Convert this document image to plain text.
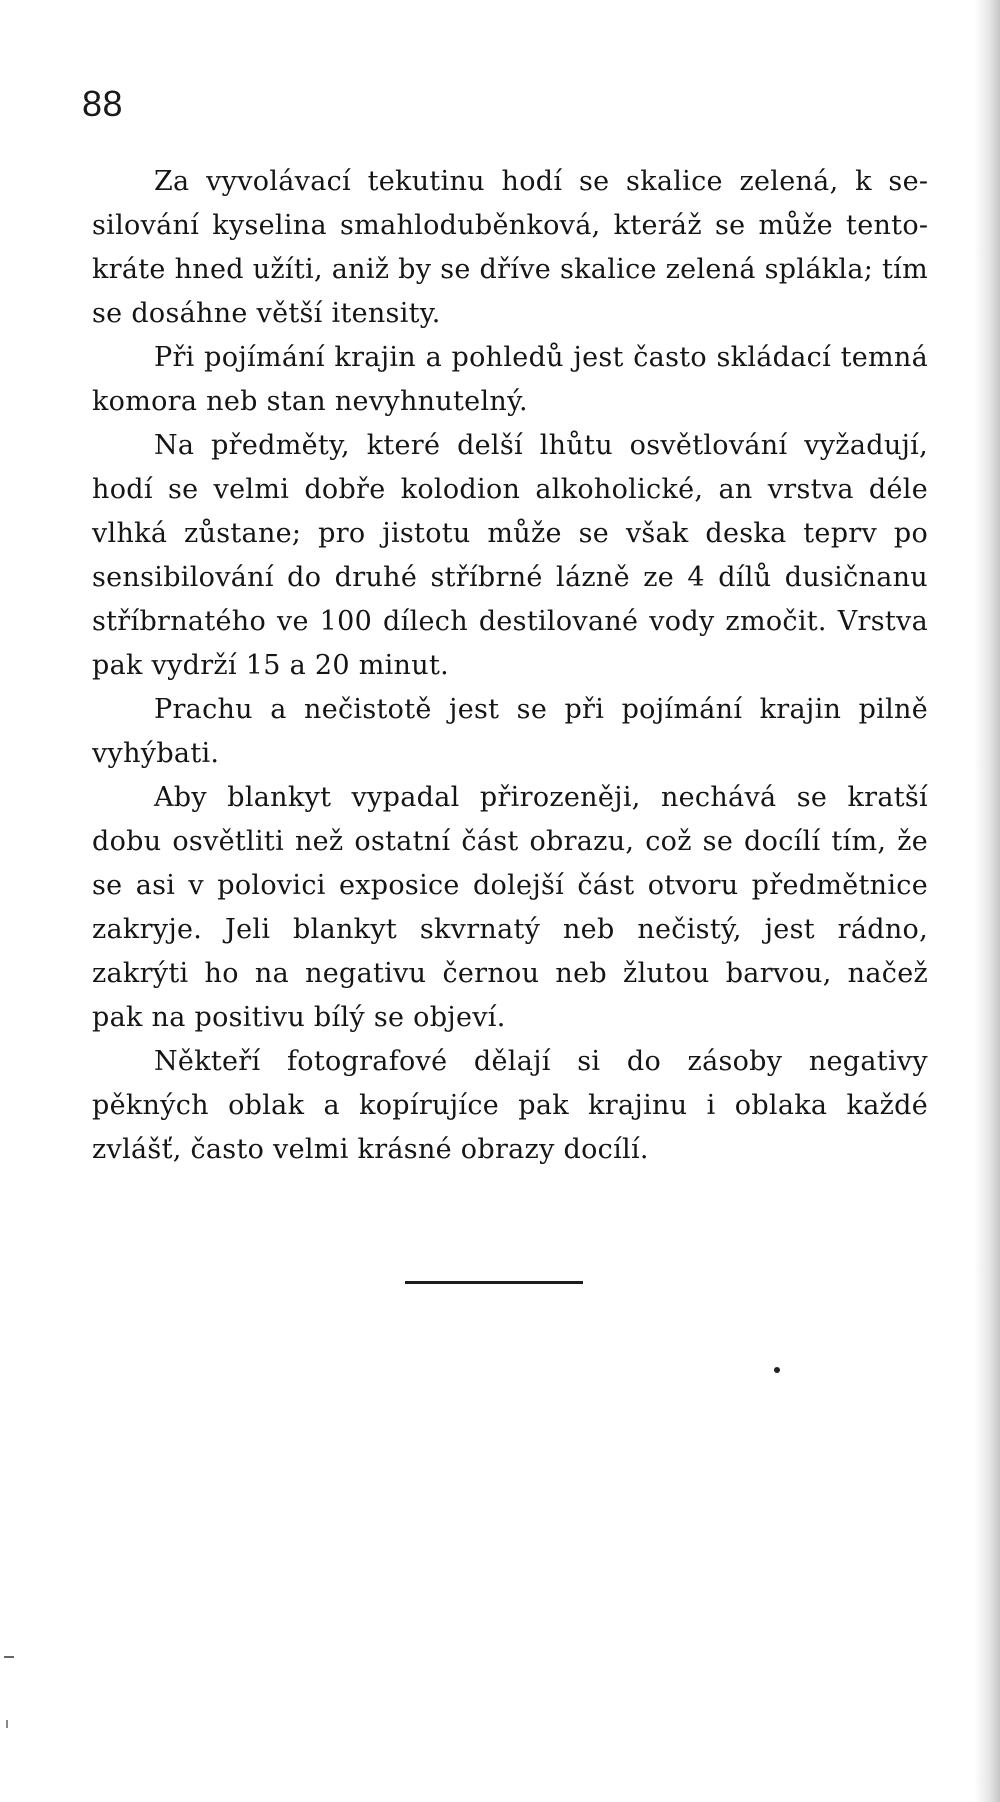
88

Za vyvolávací tekutinu hodí se skalice zelená, k sesilování kyselina smahloduběnková, kteráž se může tentokráte hned užíti, aniž by se dříve skalice zelená splákla; tím se dosáhne větší itensity.

Při pojímání krajin a pohledů jest často skládací temná komora neb stan nevyhnutelný.

Na předměty, které delší lhůtu osvětlování vyžadují, hodí se velmi dobře kolodion alkoholické, an vrstva déle vlhká zůstane; pro jistotu může se však deska teprv po sensibilování do druhé stříbrné lázně ze 4 dílů dusičnanu stříbrnatého ve 100 dílech destilované vody zmočit. Vrstva pak vydrží 15 a 20 minut.

Prachu a nečistotě jest se při pojímání krajin pilně vyhýbati.

Aby blankyt vypadal přirozeněji, nechává se kratší dobu osvětliti než ostatní část obrazu, což se docílí tím, že se asi v polovici exposice dolejší část otvoru předmětnice zakryje. Jeli blankyt skvrnatý neb nečistý, jest rádno, zakrýti ho na negativu černou neb žlutou barvou, načež pak na positivu bílý se objeví.

Někteří fotografové dělají si do zásoby negativy pěkných oblak a kopírujíce pak krajinu i oblaka každé zvlášť, často velmi krásné obrazy docílí.
